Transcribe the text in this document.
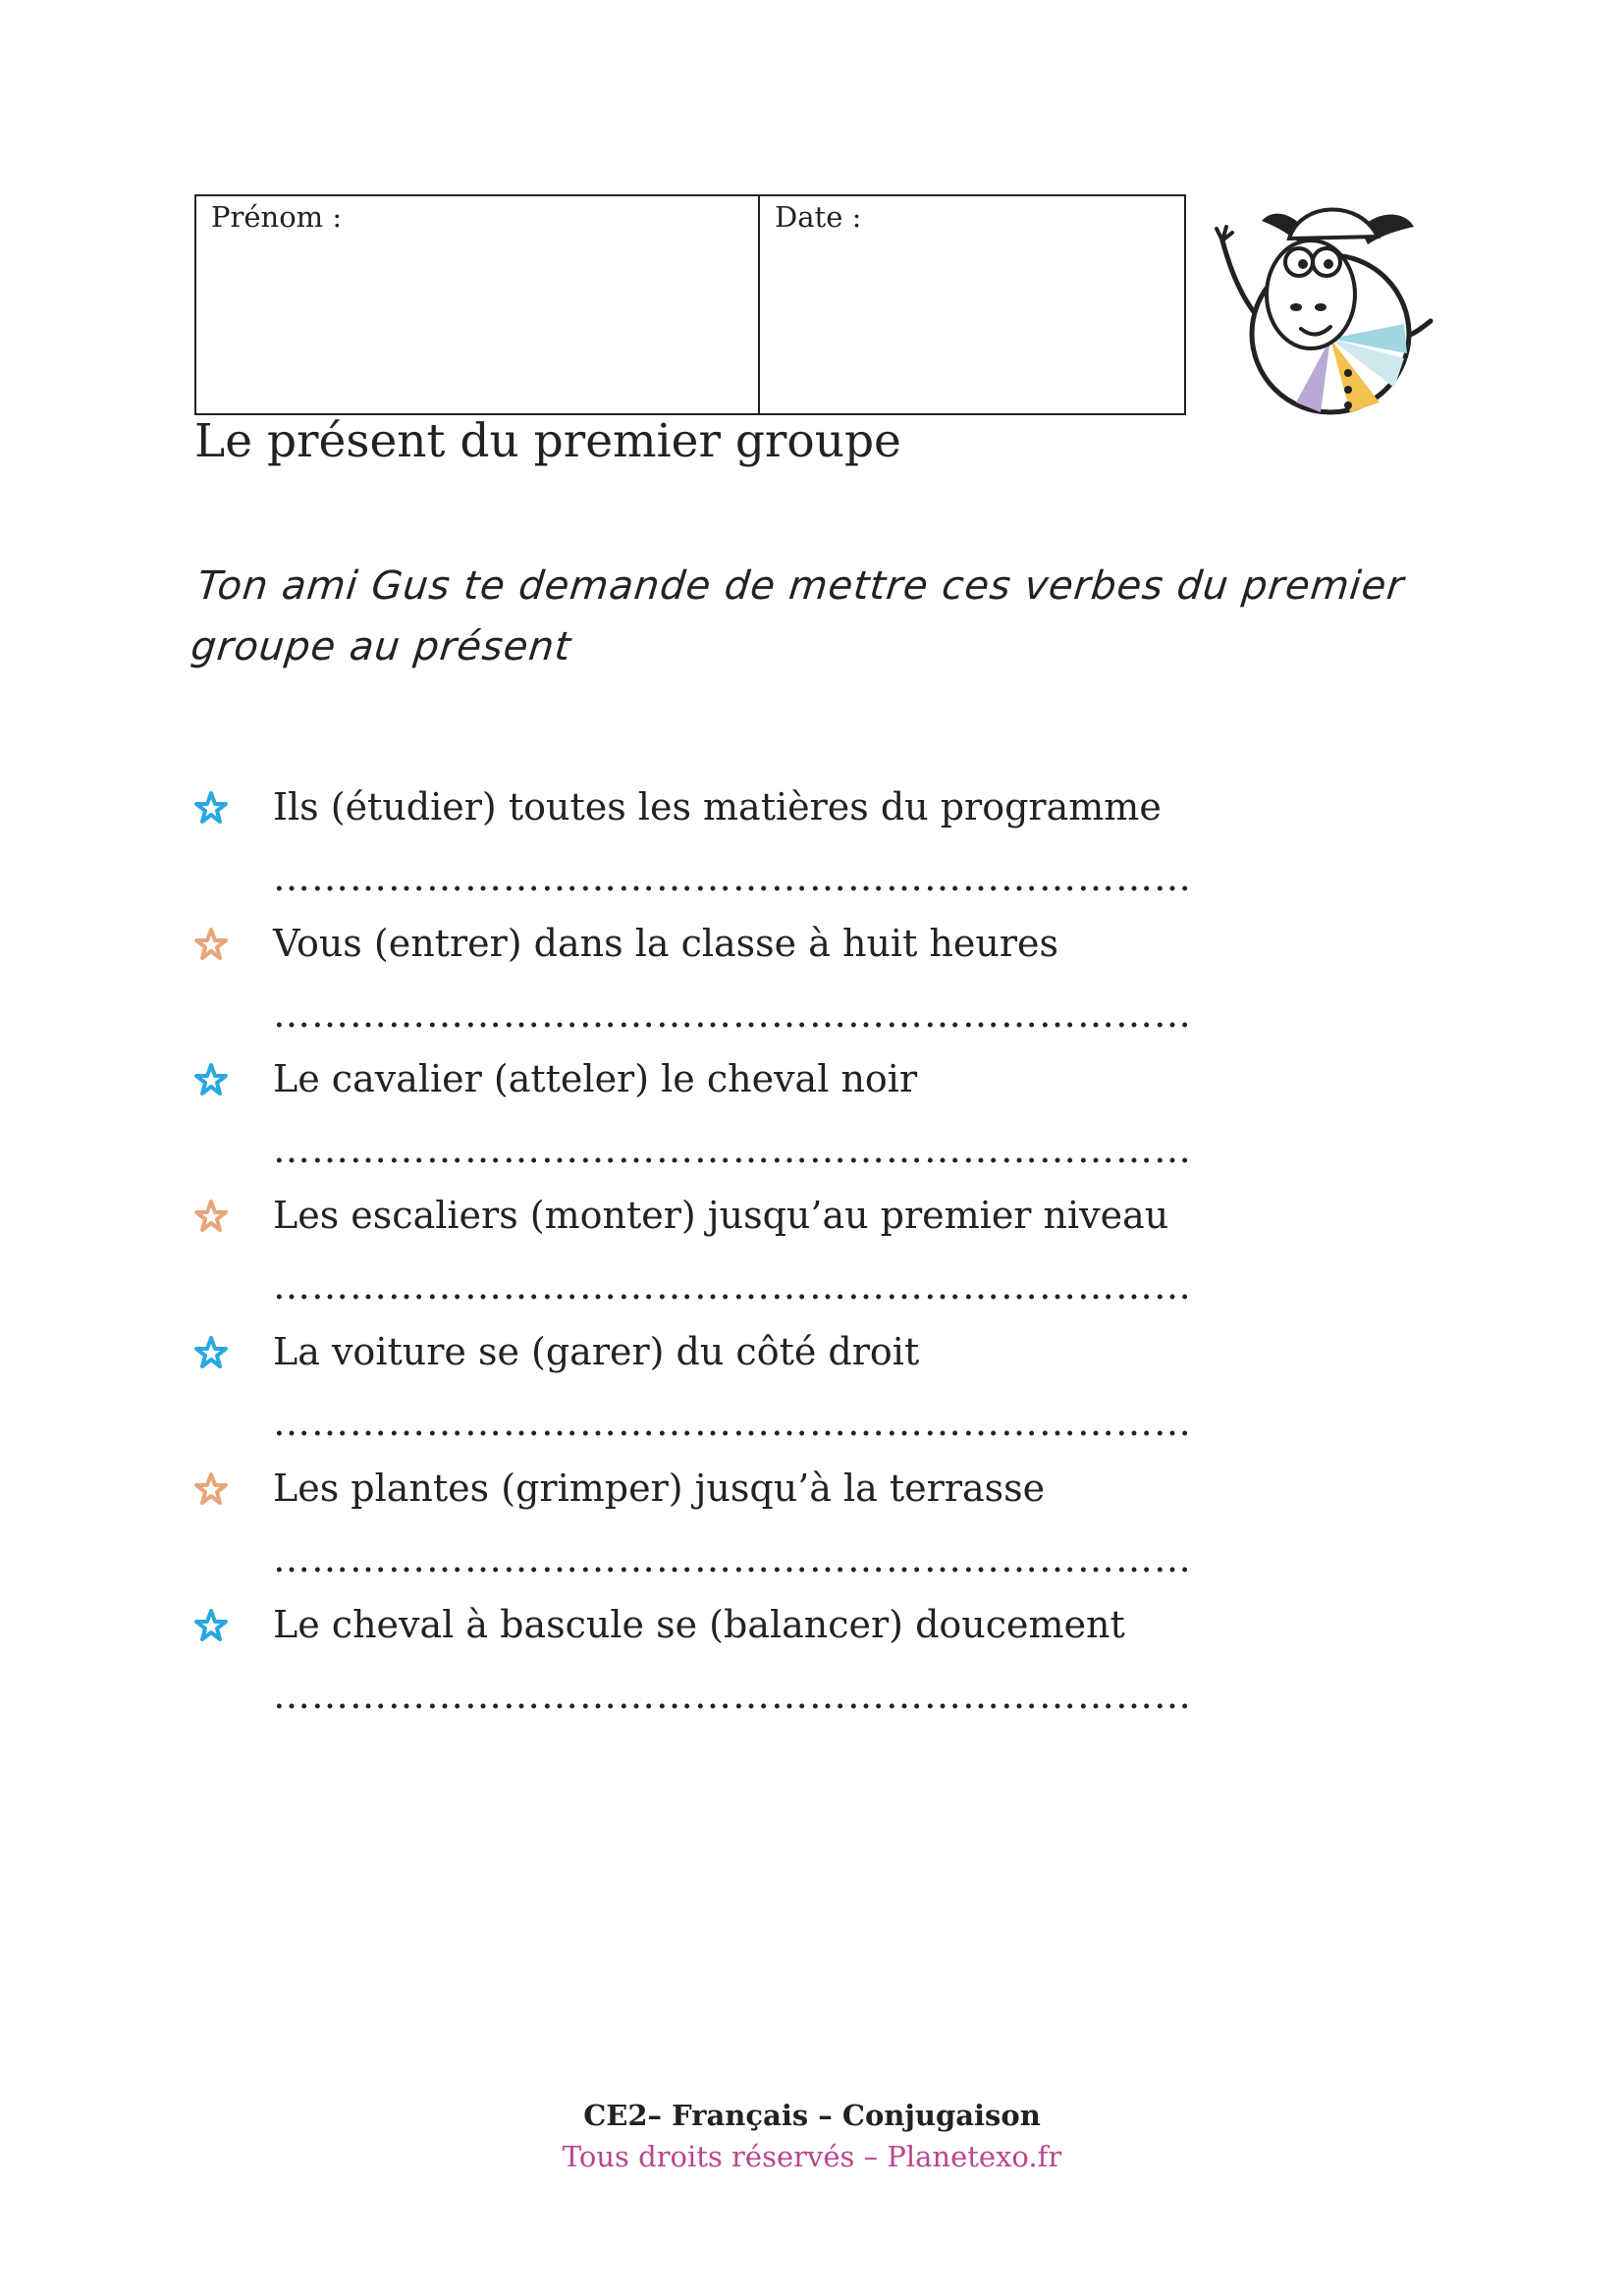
Prénom :	Date :
Le présent du premier groupe
Ton ami Gus te demande de mettre ces verbes du premier groupe au présent
Ils (étudier) toutes les matières du programme
………………………………………………………………
Vous (entrer) dans la classe à huit heures
………………………………………………………………
Le cavalier (atteler) le cheval noir
………………………………………………………………
Les escaliers (monter) jusqu’au premier niveau
………………………………………………………………
La voiture se (garer) du côté droit
………………………………………………………………
Les plantes (grimper) jusqu’à la terrasse
………………………………………………………………
Le cheval à bascule se (balancer) doucement
………………………………………………………………
CE2– Français – Conjugaison
Tous droits réservés – Planetexo.fr
